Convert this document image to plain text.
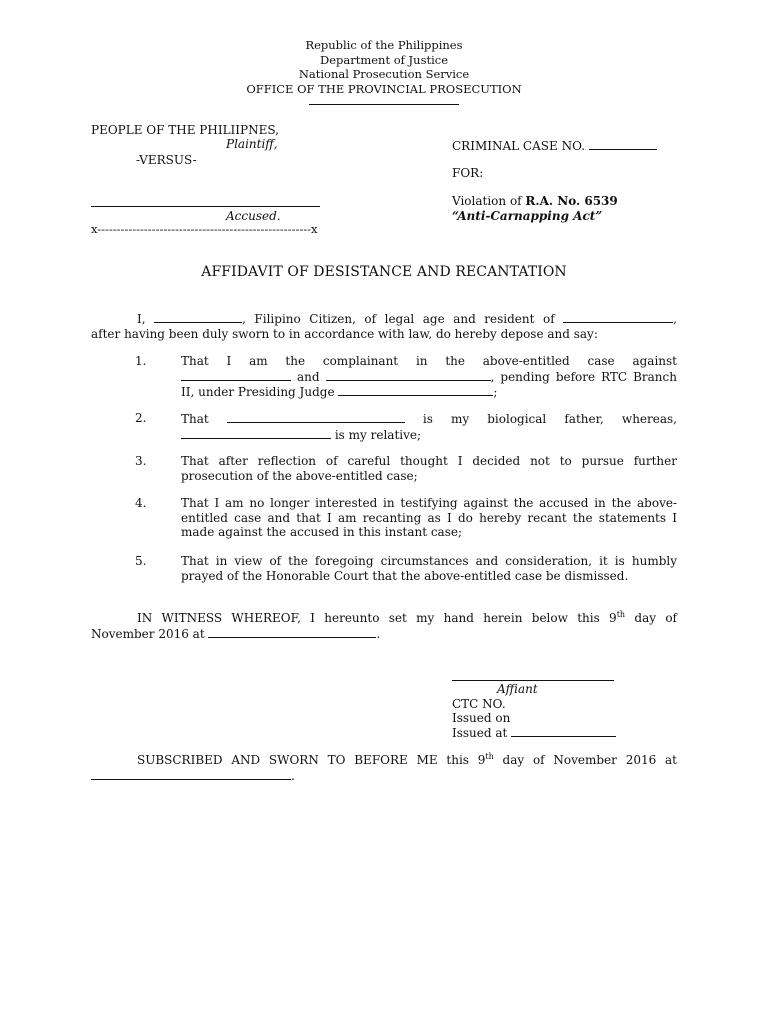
Republic of the Philippines
Department of Justice
National Prosecution Service
OFFICE OF THE PROVINCIAL PROSECUTION
PEOPLE OF THE PHILIIPNES,
Plaintiff,
-VERSUS-
Accused.
x-------------------------------------------------------x
CRIMINAL CASE NO.
FOR:
Violation of R.A. No. 6539
“Anti-Carnapping Act”
AFFIDAVIT OF DESISTANCE AND RECANTATION
I,	, Filipino Citizen, of legal age and resident of	,
after having been duly sworn to in accordance with law, do hereby depose and say:
1.	That I am the complainant in the above-entitled case against
and	, pending before RTC Branch
II, under Presiding Judge	;
2.	That	is my biological father, whereas,
is my relative;
3.	That after reflection of careful thought I decided not to pursue further
prosecution of the above-entitled case;
4.	That I am no longer interested in testifying against the accused in the above-
entitled case and that I am recanting as I do hereby recant the statements I
made against the accused in this instant case;
5.	That in view of the foregoing circumstances and consideration, it is humbly
prayed of the Honorable Court that the above-entitled case be dismissed.
IN WITNESS WHEREOF, I hereunto set my hand herein below this 9th day of
November 2016 at	.
Affiant
CTC NO.
Issued on
Issued at
SUBSCRIBED AND SWORN TO BEFORE ME this 9th day of November 2016 at
.
